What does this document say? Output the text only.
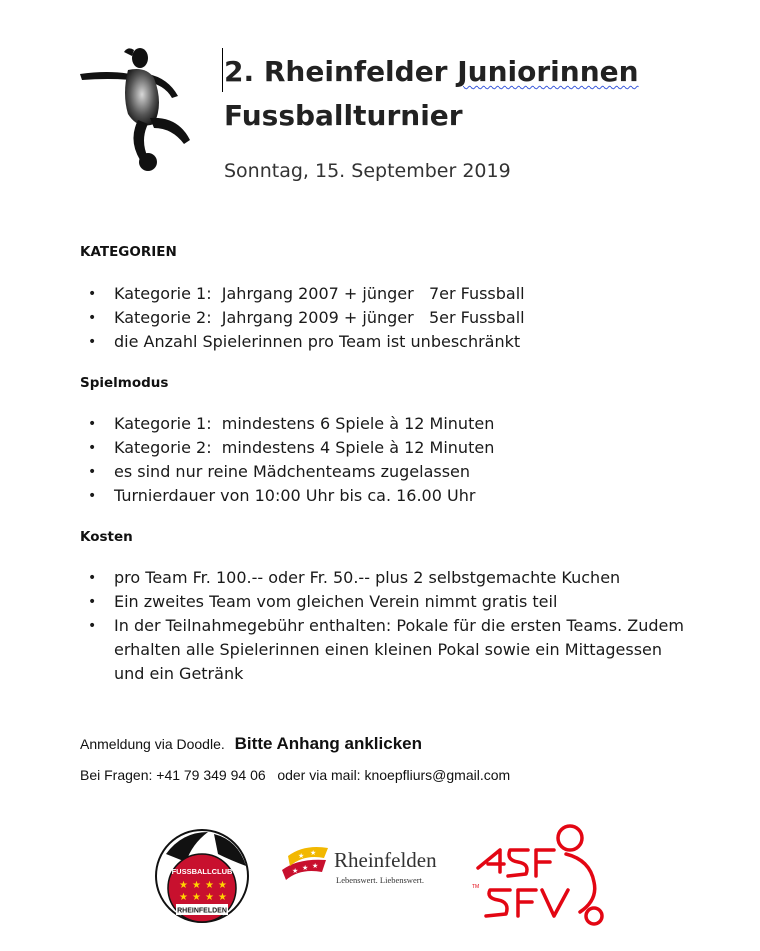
2. Rheinfelder Juniorinnen
Fussballturnier
Sonntag, 15. September 2019
KATEGORIEN
• Kategorie 1:  Jahrgang 2007 + jünger   7er Fussball
• Kategorie 2:  Jahrgang 2009 + jünger   5er Fussball
• die Anzahl Spielerinnen pro Team ist unbeschränkt
Spielmodus
• Kategorie 1:  mindestens 6 Spiele à 12 Minuten
• Kategorie 2:  mindestens 4 Spiele à 12 Minuten
• es sind nur reine Mädchenteams zugelassen
• Turnierdauer von 10:00 Uhr bis ca. 16.00 Uhr
Kosten
• pro Team Fr. 100.-- oder Fr. 50.-- plus 2 selbstgemachte Kuchen
• Ein zweites Team vom gleichen Verein nimmt gratis teil
• In der Teilnahmegebühr enthalten: Pokale für die ersten Teams. Zudem erhalten alle Spielerinnen einen kleinen Pokal sowie ein Mittagessen und ein Getränk
Anmeldung via Doodle. Bitte Anhang anklicken
Bei Fragen: +41 79 349 94 06   oder via mail: knoepfliurs@gmail.com
FUSSBALLCLUB
★ ★ ★ ★
★ ★ ★ ★
RHEINFELDEN
★ ★ ★
★ ★ Rheinfelden
Lebenswert. Liebenswert.
SFV ASF
TM
